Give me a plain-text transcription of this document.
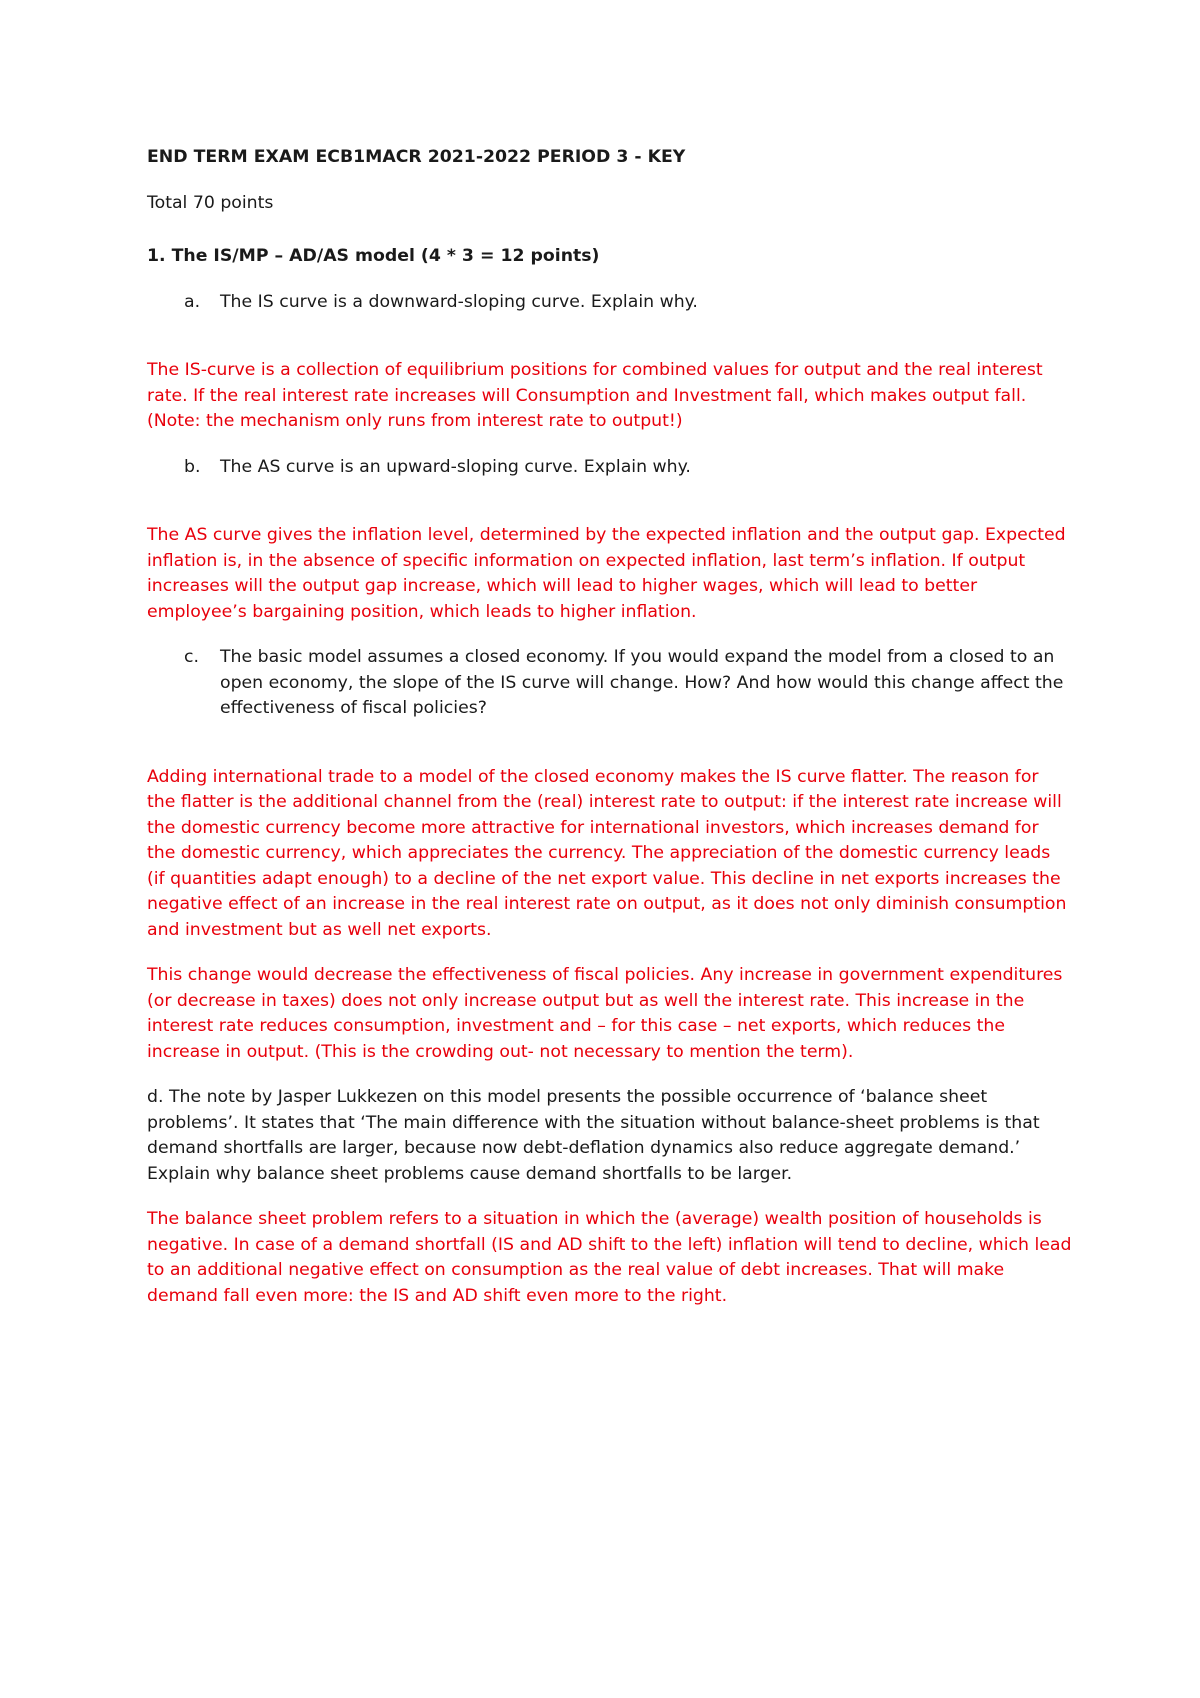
END TERM EXAM ECB1MACR 2021-2022 PERIOD 3 - KEY
Total 70 points
1. The IS/MP – AD/AS model (4 * 3 = 12 points)
a.	The IS curve is a downward-sloping curve. Explain why.
The IS-curve is a collection of equilibrium positions for combined values for output and the real interest rate. If the real interest rate increases will Consumption and Investment fall, which makes output fall. (Note: the mechanism only runs from interest rate to output!)
b.	The AS curve is an upward-sloping curve. Explain why.
The AS curve gives the inflation level, determined by the expected inflation and the output gap. Expected inflation is, in the absence of specific information on expected inflation, last term’s inflation. If output increases will the output gap increase, which will lead to higher wages, which will lead to better employee’s bargaining position, which leads to higher inflation.
c.	The basic model assumes a closed economy. If you would expand the model from a closed to an open economy, the slope of the IS curve will change. How? And how would this change affect the effectiveness of fiscal policies?
Adding international trade to a model of the closed economy makes the IS curve flatter. The reason for the flatter is the additional channel from the (real) interest rate to output: if the interest rate increase will the domestic currency become more attractive for international investors, which increases demand for the domestic currency, which appreciates the currency. The appreciation of the domestic currency leads (if quantities adapt enough) to a decline of the net export value. This decline in net exports increases the negative effect of an increase in the real interest rate on output, as it does not only diminish consumption and investment but as well net exports.
This change would decrease the effectiveness of fiscal policies. Any increase in government expenditures (or decrease in taxes) does not only increase output but as well the interest rate. This increase in the interest rate reduces consumption, investment and – for this case – net exports, which reduces the increase in output. (This is the crowding out- not necessary to mention the term).
d. The note by Jasper Lukkezen on this model presents the possible occurrence of ‘balance sheet problems’. It states that ‘The main difference with the situation without balance-sheet problems is that demand shortfalls are larger, because now debt-deflation dynamics also reduce aggregate demand.’ Explain why balance sheet problems cause demand shortfalls to be larger.
The balance sheet problem refers to a situation in which the (average) wealth position of households is negative. In case of a demand shortfall (IS and AD shift to the left) inflation will tend to decline, which lead to an additional negative effect on consumption as the real value of debt increases. That will make demand fall even more: the IS and AD shift even more to the right.
